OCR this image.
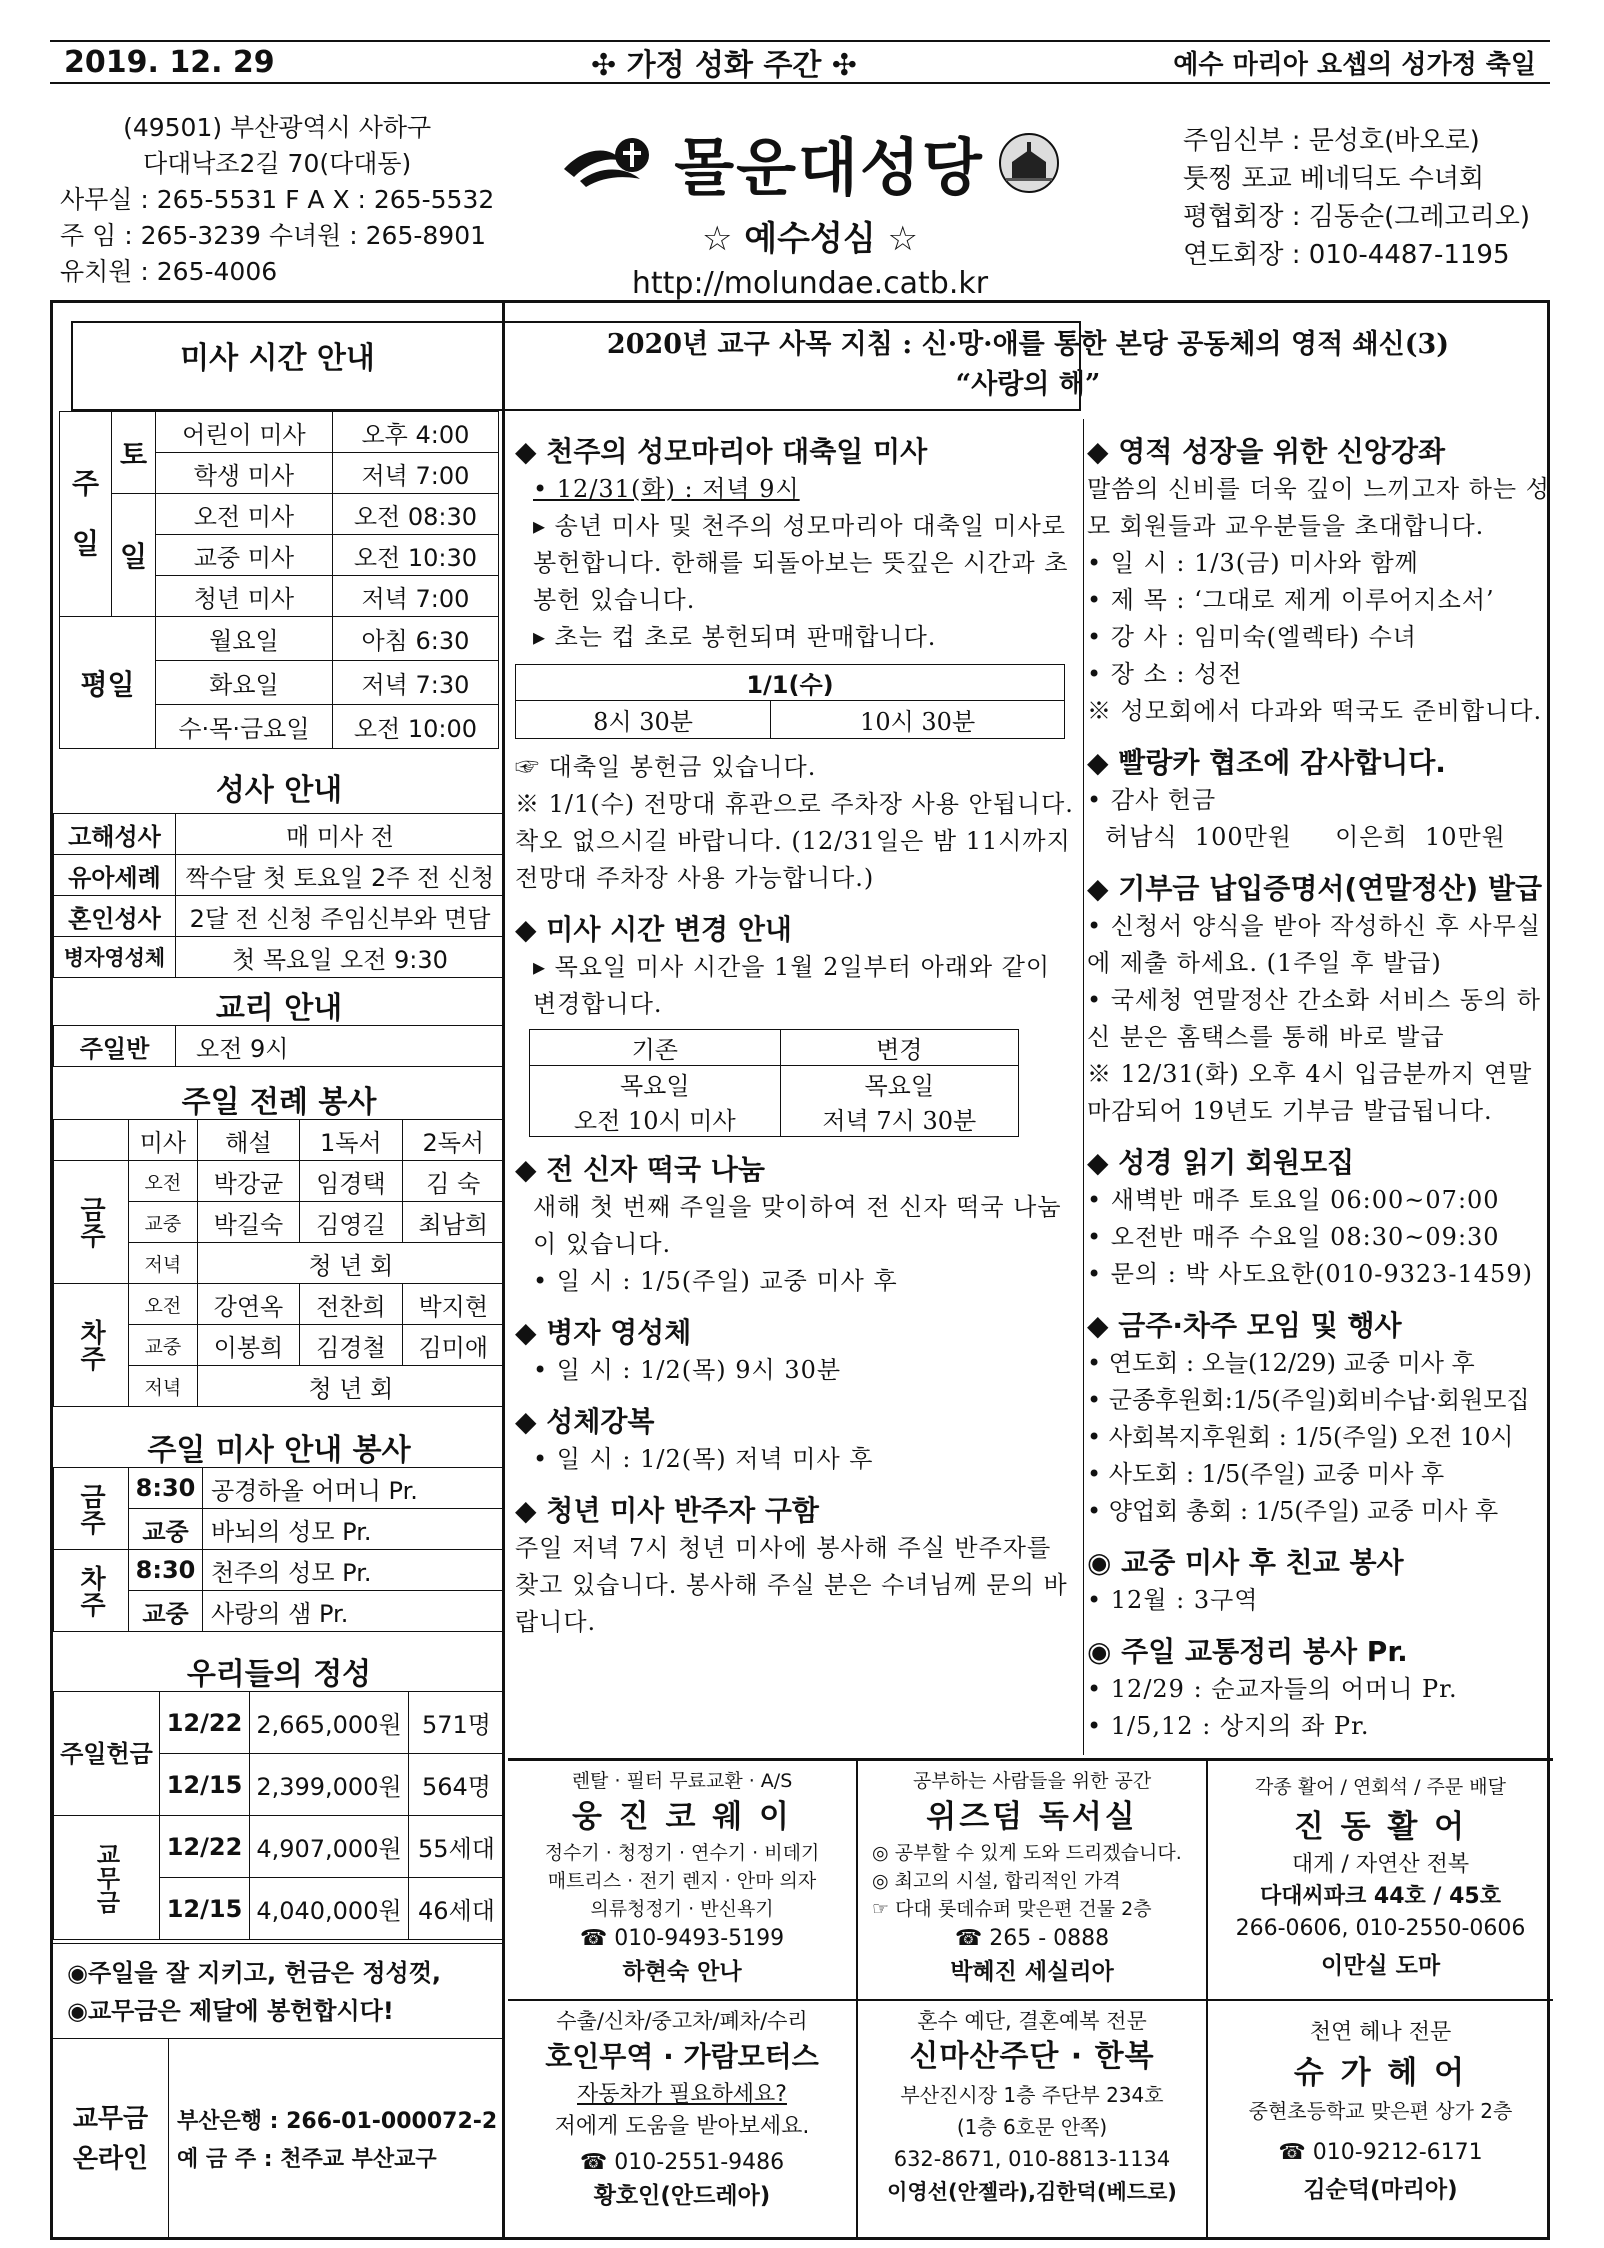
2019. 12. 29	✣ 가정 성화 주간 ✣	예수 마리아 요셉의 성가정 축일
(49501) 부산광역시 사하구
다대낙조2길 70(다대동)
사무실 : 265-5531 F A X : 265-5532
주 임 : 265-3239 수녀원 : 265-8901
유치원 : 265-4006
몰운대성당
☆ 예수성심 ☆
http://molundae.catb.kr
주임신부 : 문성호(바오로)
툿찡 포교 베네딕도 수녀회
평협회장 : 김동순(그레고리오)
연도회장 : 010-4487-1195
미사 시간 안내
주일	토	어린이 미사	오후 4:00
		학생 미사	저녁 7:00
	일	오전 미사	오전 08:30
		교중 미사	오전 10:30
		청년 미사	저녁 7:00
평일		월요일	아침 6:30
		화요일	저녁 7:30
		수·목·금요일	오전 10:00
성사 안내
고해성사	매 미사 전
유아세례	짝수달 첫 토요일 2주 전 신청
혼인성사	2달 전 신청 주임신부와 면담
병자영성체	첫 목요일 오전 9:30
교리 안내
주일반	오전 9시
주일 전례 봉사
	미사	해설	1독서	2독서
금주	오전	박강균	임경택	김 숙
	교중	박길숙	김영길	최남희
	저녁	청 년 회		
차주	오전	강연옥	전찬희	박지현
	교중	이봉희	김경철	김미애
	저녁	청 년 회		
주일 미사 안내 봉사
금주	8:30	공경하올 어머니 Pr.
	교중	바뇌의 성모 Pr.
차주	8:30	천주의 성모 Pr.
	교중	사랑의 샘 Pr.
우리들의 정성
주일헌금	12/22	2,665,000원	571명
	12/15	2,399,000원	564명
교무금	12/22	4,907,000원	55세대
	12/15	4,040,000원	46세대
◉주일을 잘 지키고, 헌금은 정성껏,
◉교무금은 제달에 봉헌합시다!
교무금
온라인
부산은행 : 266-01-000072-2
예 금 주 : 천주교 부산교구
2020년 교구 사목 지침 : 신·망·애를 통한 본당 공동체의 영적 쇄신(3)
“사랑의 해”
◆ 천주의 성모마리아 대축일 미사
• 12/31(화) : 저녁 9시
▸ 송년 미사 및 천주의 성모마리아 대축일 미사로 봉헌합니다. 한해를 되돌아보는 뜻깊은 시간과 초 봉헌 있습니다.
▸ 초는 컵 초로 봉헌되며 판매합니다.
1/1(수)
8시 30분	10시 30분
☞ 대축일 봉헌금 있습니다.
※ 1/1(수) 전망대 휴관으로 주차장 사용 안됩니다. 착오 없으시길 바랍니다. (12/31일은 밤 11시까지 전망대 주차장 사용 가능합니다.)
◆ 미사 시간 변경 안내
▸ 목요일 미사 시간을 1월 2일부터 아래와 같이 변경합니다.
기존	변경
목요일	목요일
오전 10시 미사	저녁 7시 30분
◆ 전 신자 떡국 나눔
새해 첫 번째 주일을 맞이하여 전 신자 떡국 나눔이 있습니다.
• 일 시 : 1/5(주일) 교중 미사 후
◆ 병자 영성체
• 일 시 : 1/2(목) 9시 30분
◆ 성체강복
• 일 시 : 1/2(목) 저녁 미사 후
◆ 청년 미사 반주자 구함
주일 저녁 7시 청년 미사에 봉사해 주실 반주자를 찾고 있습니다. 봉사해 주실 분은 수녀님께 문의 바랍니다.
◆ 영적 성장을 위한 신앙강좌
말씀의 신비를 더욱 깊이 느끼고자 하는 성모 회원들과 교우분들을 초대합니다.
• 일 시 : 1/3(금) 미사와 함께
• 제 목 : ‘그대로 제게 이루어지소서’
• 강 사 : 임미숙(엘렉타) 수녀
• 장 소 : 성전
※ 성모회에서 다과와 떡국도 준비합니다.
◆ 빨랑카 협조에 감사합니다.
• 감사 헌금
허남식  100만원     이은희  10만원
◆ 기부금 납입증명서(연말정산) 발급
• 신청서 양식을 받아 작성하신 후 사무실에 제출 하세요. (1주일 후 발급)
• 국세청 연말정산 간소화 서비스 동의 하신 분은 홈택스를 통해 바로 발급
※ 12/31(화) 오후 4시 입금분까지 연말 마감되어 19년도 기부금 발급됩니다.
◆ 성경 읽기 회원모집
• 새벽반 매주 토요일 06:00~07:00
• 오전반 매주 수요일 08:30~09:30
• 문의 : 박 사도요한(010-9323-1459)
◆ 금주·차주 모임 및 행사
• 연도회 : 오늘(12/29) 교중 미사 후
• 군종후원회:1/5(주일)회비수납·회원모집
• 사회복지후원회 : 1/5(주일) 오전 10시
• 사도회 : 1/5(주일) 교중 미사 후
• 양업회 총회 : 1/5(주일) 교중 미사 후
◉ 교중 미사 후 친교 봉사
• 12월 : 3구역
◉ 주일 교통정리 봉사 Pr.
• 12/29 : 순교자들의 어머니 Pr.
• 1/5,12 : 상지의 좌 Pr.
렌탈 · 필터 무료교환 · A/S
웅 진 코 웨 이
정수기 · 청정기 · 연수기 · 비데기
매트리스 · 전기 렌지 · 안마 의자
의류청정기 · 반신욕기
☎ 010-9493-5199
하현숙 안나
공부하는 사람들을 위한 공간
위즈덤 독서실
◎ 공부할 수 있게 도와 드리겠습니다.
◎ 최고의 시설, 합리적인 가격
☞ 다대 롯데슈퍼 맞은편 건물 2층
☎ 265 - 0888
박혜진 세실리아
각종 활어 / 연회석 / 주문 배달
진 동 활 어
대게 / 자연산 전복
다대씨파크 44호 / 45호
266-0606, 010-2550-0606
이만실 도마
수출/신차/중고차/폐차/수리
호인무역 · 가람모터스
자동차가 필요하세요?
저에게 도움을 받아보세요.
☎ 010-2551-9486
황호인(안드레아)
혼수 예단, 결혼예복 전문
신마산주단 · 한복
부산진시장 1층 주단부 234호
(1층 6호문 안쪽)
632-8671, 010-8813-1134
이영선(안젤라),김한덕(베드로)
천연 헤나 전문
슈 가 헤 어
중현초등학교 맞은편 상가 2층
☎ 010-9212-6171
김순덕(마리아)
